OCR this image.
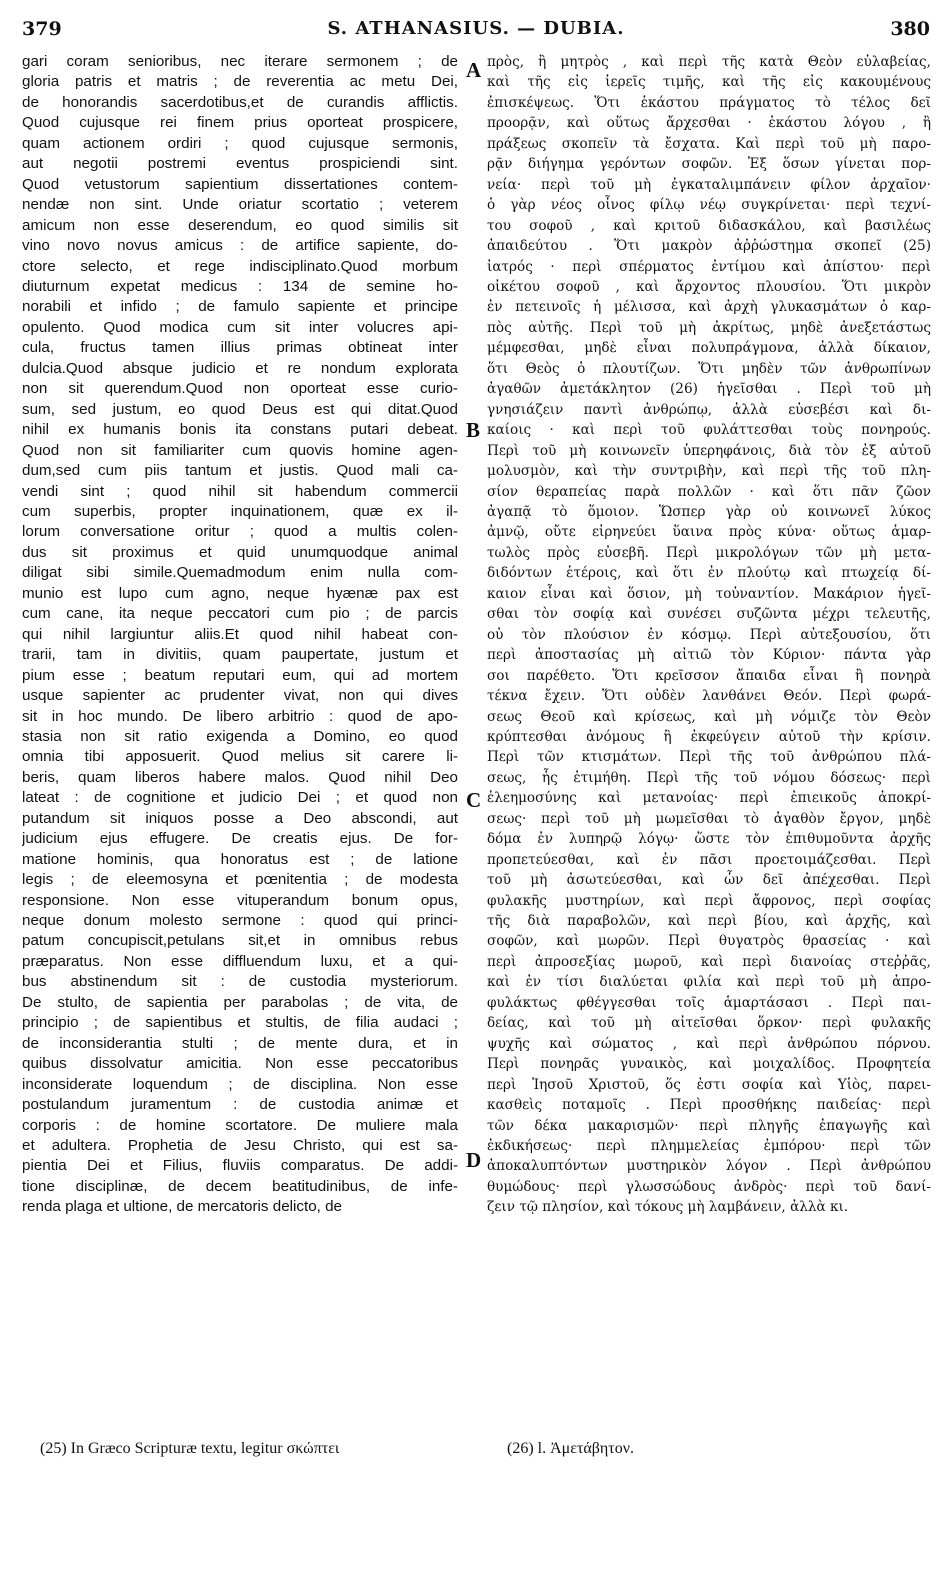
379	S. ATHANASIUS. — DUBIA.	380
gari coram senioribus, nec iterare sermonem ; de
gloria patris et matris ; de reverentia ac metu Dei,
de honorandis sacerdotibus,et de curandis afflictis.
Quod cujusque rei finem prius oporteat prospicere,
quam actionem ordiri ; quod cujusque sermonis,
aut negotii postremi eventus prospiciendi sint.
Quod vetustorum sapientium dissertationes contem-
nendæ non sint. Unde oriatur scortatio ; veterem
amicum non esse deserendum, eo quod similis sit
vino novo novus amicus : de artifice sapiente, do-
ctore selecto, et rege indisciplinato.Quod morbum
diuturnum expetat medicus : 134 de semine ho-
norabili et infido ; de famulo sapiente et principe
opulento. Quod modica cum sit inter volucres api-
cula, fructus tamen illius primas obtineat inter
dulcia.Quod absque judicio et re nondum explorata
non sit querendum.Quod non oporteat esse curio-
sum, sed justum, eo quod Deus est qui ditat.Quod
nihil ex humanis bonis ita constans putari debeat.
Quod non sit familiariter cum quovis homine agen-
dum,sed cum piis tantum et justis. Quod mali ca-
vendi sint ; quod nihil sit habendum commercii
cum superbis, propter inquinationem, quæ ex il-
lorum conversatione oritur ; quod a multis colen-
dus sit proximus et quid unumquodque animal
diligat sibi simile.Quemadmodum enim nulla com-
munio est lupo cum agno, neque hyænæ pax est
cum cane, ita neque peccatori cum pio ; de parcis
qui nihil largiuntur aliis.Et quod nihil habeat con-
trarii, tam in divitiis, quam paupertate, justum et
pium esse ; beatum reputari eum, qui ad mortem
usque sapienter ac prudenter vivat, non qui dives
sit in hoc mundo. De libero arbitrio : quod de apo-
stasia non sit ratio exigenda a Domino, eo quod
omnia tibi apposuerit. Quod melius sit carere li-
beris, quam liberos habere malos. Quod nihil Deo
lateat : de cognitione et judicio Dei ; et quod non
putandum sit iniquos posse a Deo abscondi, aut
judicium ejus effugere. De creatis ejus. De for-
matione hominis, qua honoratus est ; de latione
legis ; de eleemosyna et pœnitentia ; de modesta
responsione. Non esse vituperandum bonum opus,
neque donum molesto sermone : quod qui princi-
patum concupiscit,petulans sit,et in omnibus rebus
præparatus. Non esse diffluendum luxu, et a qui-
bus abstinendum sit : de custodia mysteriorum.
De stulto, de sapientia per parabolas ; de vita, de
principio ; de sapientibus et stultis, de filia audaci ;
de inconsiderantia stulti ; de mente dura, et in
quibus dissolvatur amicitia. Non esse peccatoribus
inconsiderate loquendum ; de disciplina. Non esse
postulandum juramentum : de custodia animæ et
corporis : de homine scortatore. De muliere mala
et adultera. Prophetia de Jesu Christo, qui est sa-
pientia Dei et Filius, fluviis comparatus. De addi-
tione disciplinæ, de decem beatitudinibus, de infe-
renda plaga et ultione, de mercatoris delicto, de
πρὸς, ἢ μητρὸς , καὶ περὶ τῆς κατὰ Θεὸν εὐλαβείας,
καὶ τῆς εἰς ἱερεῖς τιμῆς, καὶ τῆς εἰς κακουμένους
ἐπισκέψεως. Ὅτι ἑκάστου πράγματος τὸ τέλος δεῖ
προορᾷν, καὶ οὕτως ἄρχεσθαι · ἑκάστου λόγου , ἢ
πράξεως σκοπεῖν τὰ ἔσχατα. Καὶ περὶ τοῦ μὴ παρο-
ρᾷν διήγημα γερόντων σοφῶν. Ἐξ ὅσων γίνεται πορ-
νεία· περὶ τοῦ μὴ ἐγκαταλιμπάνειν φίλον ἀρχαῖον·
ὁ γὰρ νέος οἶνος φίλῳ νέῳ συγκρίνεται· περὶ τεχνί-
του σοφοῦ , καὶ κριτοῦ διδασκάλου, καὶ βασιλέως
ἀπαιδεύτου . Ὅτι μακρὸν ἀῤῥώστημα σκοπεῖ (25)
ἰατρός · περὶ σπέρματος ἐντίμου καὶ ἀπίστου· περὶ
οἰκέτου σοφοῦ , καὶ ἄρχοντος πλουσίου. Ὅτι μικρὸν
ἐν πετεινοῖς ἡ μέλισσα, καὶ ἀρχὴ γλυκασμάτων ὁ καρ-
πὸς αὐτῆς. Περὶ τοῦ μὴ ἀκρίτως, μηδὲ ἀνεξετάστως
μέμφεσθαι, μηδὲ εἶναι πολυπράγμονα, ἀλλὰ δίκαιον,
ὅτι Θεὸς ὁ πλουτίζων. Ὅτι μηδὲν τῶν ἀνθρωπίνων
ἀγαθῶν ἀμετάκλητον (26) ἡγεῖσθαι . Περὶ τοῦ μὴ
γνησιάζειν παντὶ ἀνθρώπῳ, ἀλλὰ εὐσεβέσι καὶ δι-
καίοις · καὶ περὶ τοῦ φυλάττεσθαι τοὺς πονηρούς.
Περὶ τοῦ μὴ κοινωνεῖν ὑπερηφάνοις, διὰ τὸν ἐξ αὐτοῦ
μολυσμὸν, καὶ τὴν συντριβὴν, καὶ περὶ τῆς τοῦ πλη-
σίον θεραπείας παρὰ πολλῶν · καὶ ὅτι πᾶν ζῶον
ἀγαπᾷ τὸ ὅμοιον. Ὥσπερ γὰρ οὐ κοινωνεῖ λύκος
ἀμνῷ, οὔτε εἰρηνεύει ὕαινα πρὸς κύνα· οὕτως ἁμαρ-
τωλὸς πρὸς εὐσεβῆ. Περὶ μικρολόγων τῶν μὴ μετα-
διδόντων ἑτέροις, καὶ ὅτι ἐν πλούτῳ καὶ πτωχείᾳ δί-
καιον εἶναι καὶ ὅσιον, μὴ τοὐναντίον. Μακάριον ἡγεῖ-
σθαι τὸν σοφίᾳ καὶ συνέσει συζῶντα μέχρι τελευτῆς,
οὐ τὸν πλούσιον ἐν κόσμῳ. Περὶ αὐτεξουσίου, ὅτι
περὶ ἀποστασίας μὴ αἰτιῶ τὸν Κύριον· πάντα γὰρ
σοι παρέθετο. Ὅτι κρεῖσσον ἄπαιδα εἶναι ἢ πονηρὰ
τέκνα ἔχειν. Ὅτι οὐδὲν λανθάνει Θεόν. Περὶ φωρά-
σεως Θεοῦ καὶ κρίσεως, καὶ μὴ νόμιζε τὸν Θεὸν
κρύπτεσθαι ἀνόμους ἢ ἐκφεύγειν αὐτοῦ τὴν κρίσιν.
Περὶ τῶν κτισμάτων. Περὶ τῆς τοῦ ἀνθρώπου πλά-
σεως, ἧς ἐτιμήθη. Περὶ τῆς τοῦ νόμου δόσεως· περὶ
ἐλεημοσύνης καὶ μετανοίας· περὶ ἐπιεικοῦς ἀποκρί-
σεως· περὶ τοῦ μὴ μωμεῖσθαι τὸ ἀγαθὸν ἔργον, μηδὲ
δόμα ἐν λυπηρῷ λόγῳ· ὥστε τὸν ἐπιθυμοῦντα ἀρχῆς
προπετεύεσθαι, καὶ ἐν πᾶσι προετοιμάζεσθαι. Περὶ
τοῦ μὴ ἀσωτεύεσθαι, καὶ ὧν δεῖ ἀπέχεσθαι. Περὶ
φυλακῆς μυστηρίων, καὶ περὶ ἄφρονος, περὶ σοφίας
τῆς διὰ παραβολῶν, καὶ περὶ βίου, καὶ ἀρχῆς, καὶ
σοφῶν, καὶ μωρῶν. Περὶ θυγατρὸς θρασείας · καὶ
περὶ ἀπροσεξίας μωροῦ, καὶ περὶ διανοίας στεῤῥᾶς,
καὶ ἐν τίσι διαλύεται φιλία καὶ περὶ τοῦ μὴ ἀπρο-
φυλάκτως φθέγγεσθαι τοῖς ἁμαρτάσασι . Περὶ παι-
δείας, καὶ τοῦ μὴ αἰτεῖσθαι ὅρκον· περὶ φυλακῆς
ψυχῆς καὶ σώματος , καὶ περὶ ἀνθρώπου πόρνου.
Περὶ πονηρᾶς γυναικὸς, καὶ μοιχαλίδος. Προφητεία
περὶ Ἰησοῦ Χριστοῦ, ὅς ἐστι σοφία καὶ Υἱὸς, παρει-
κασθεὶς ποταμοῖς . Περὶ προσθήκης παιδείας· περὶ
τῶν δέκα μακαρισμῶν· περὶ πληγῆς ἐπαγωγῆς καὶ
ἐκδικήσεως· περὶ πλημμελείας ἐμπόρου· περὶ τῶν
ἀποκαλυπτόντων μυστηρικὸν λόγον . Περὶ ἀνθρώπου
θυμώδους· περὶ γλωσσώδους ἀνδρὸς· περὶ τοῦ δανί-
ζειν τῷ πλησίον, καὶ τόκους μὴ λαμβάνειν, ἀλλὰ κι.
A
B
C
D
(25) In Græco Scripturæ textu, legitur σκώπτει	(26) l. Ἀμετάβητον.
